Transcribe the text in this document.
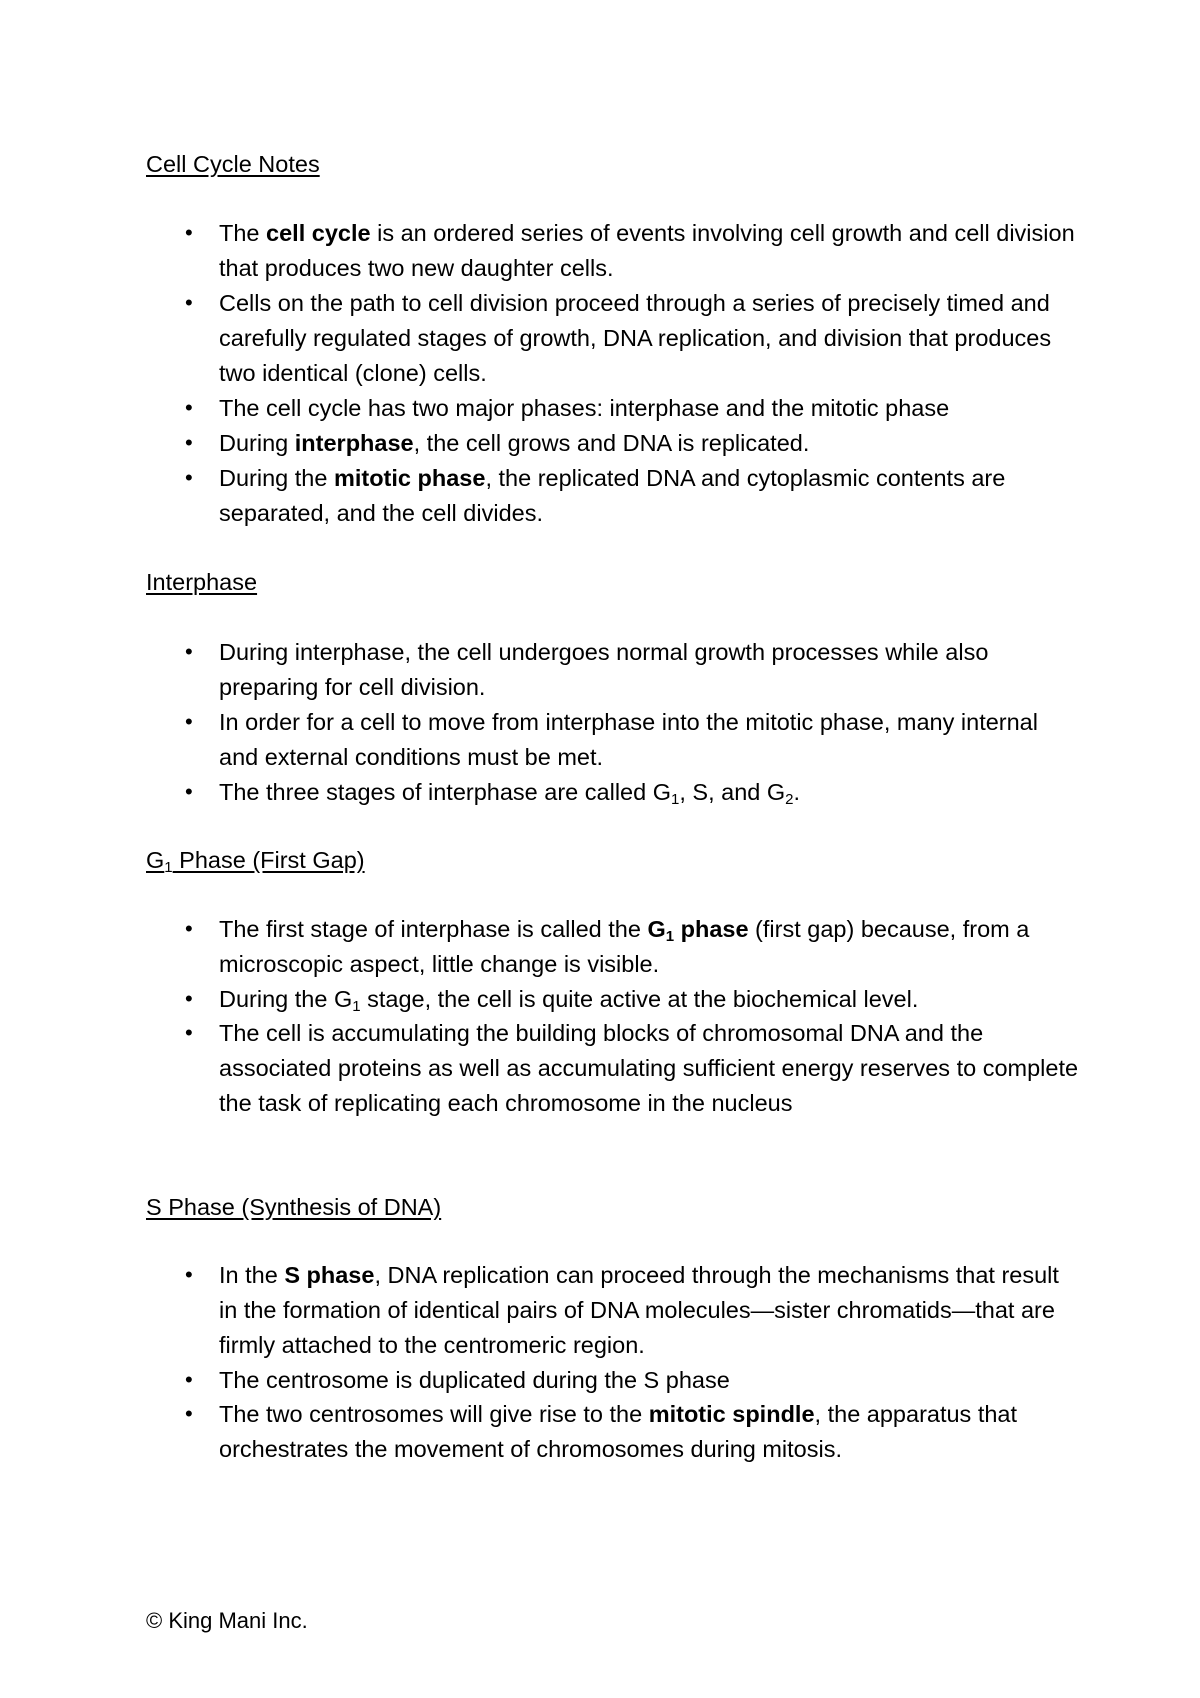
Cell Cycle Notes
• The cell cycle is an ordered series of events involving cell growth and cell division that produces two new daughter cells.
• Cells on the path to cell division proceed through a series of precisely timed and carefully regulated stages of growth, DNA replication, and division that produces two identical (clone) cells.
• The cell cycle has two major phases: interphase and the mitotic phase
• During interphase, the cell grows and DNA is replicated.
• During the mitotic phase, the replicated DNA and cytoplasmic contents are separated, and the cell divides.
Interphase
• During interphase, the cell undergoes normal growth processes while also preparing for cell division.
• In order for a cell to move from interphase into the mitotic phase, many internal and external conditions must be met.
• The three stages of interphase are called $G_1$, S, and $G_2$.
$G_1$ Phase (First Gap)
• The first stage of interphase is called the $G_1$ phase (first gap) because, from a microscopic aspect, little change is visible.
• During the $G_1$ stage, the cell is quite active at the biochemical level.
• The cell is accumulating the building blocks of chromosomal DNA and the associated proteins as well as accumulating sufficient energy reserves to complete the task of replicating each chromosome in the nucleus
S Phase (Synthesis of DNA)
• In the S phase, DNA replication can proceed through the mechanisms that result in the formation of identical pairs of DNA molecules—sister chromatids—that are firmly attached to the centromeric region.
• The centrosome is duplicated during the S phase
• The two centrosomes will give rise to the mitotic spindle, the apparatus that orchestrates the movement of chromosomes during mitosis.
© King Mani Inc.
